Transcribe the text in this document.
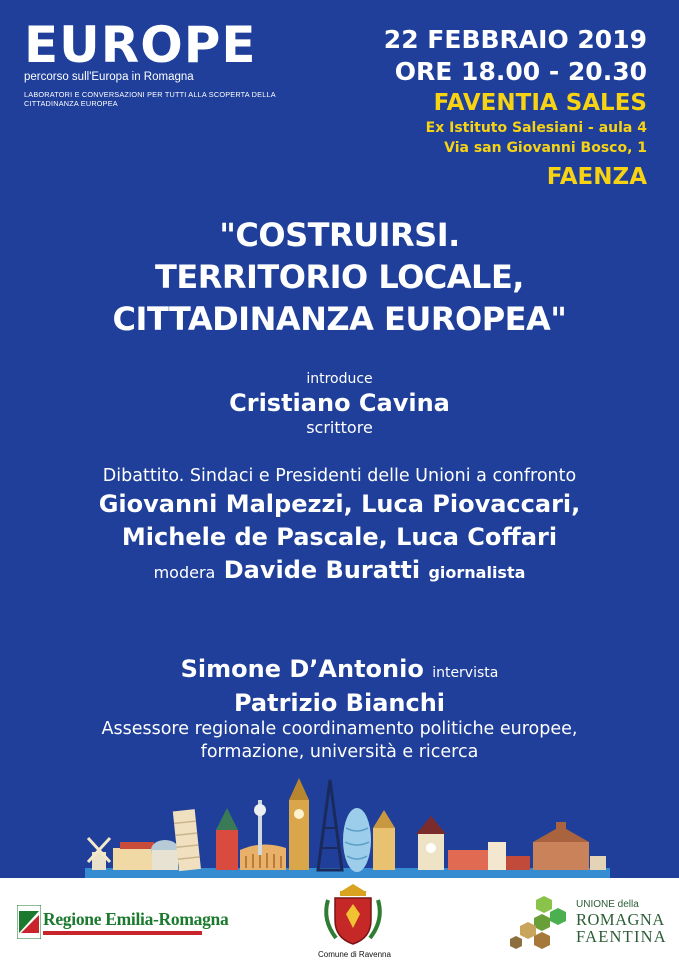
EUROPE
percorso sull'Europa in Romagna
LABORATORI E CONVERSAZIONI PER TUTTI ALLA SCOPERTA DELLA CITTADINANZA EUROPEA
22 FEBBRAIO 2019
ORE 18.00 - 20.30
FAVENTIA SALES
Ex Istituto Salesiani - aula 4
Via san Giovanni Bosco, 1
FAENZA
"COSTRUIRSI.
TERRITORIO LOCALE,
CITTADINANZA EUROPEA"
introduce
Cristiano Cavina
scrittore
Dibattito. Sindaci e Presidenti delle Unioni a confronto
Giovanni Malpezzi, Luca Piovaccari,
Michele de Pascale, Luca Coffari
modera Davide Buratti giornalista
Simone D’Antonio intervista
Patrizio Bianchi
Assessore regionale coordinamento politiche europee,
formazione, università e ricerca
Regione Emilia-Romagna
Comune di Ravenna
UNIONE della
ROMAGNA
FAENTINA
